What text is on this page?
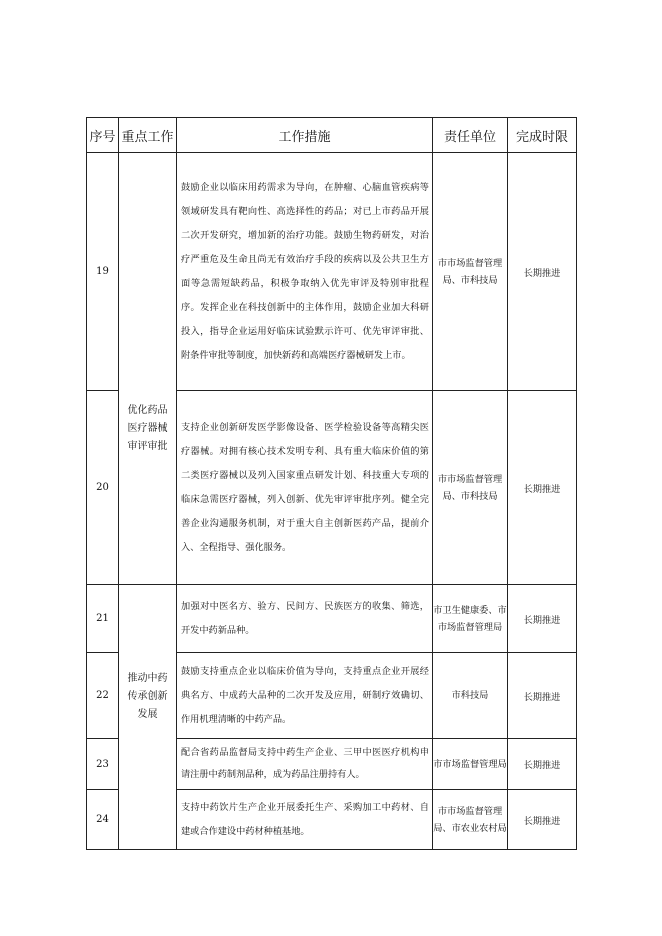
序号	重点工作	工作措施	责任单位	完成时限
19	优化药品医疗器械审评审批	鼓励企业以临床用药需求为导向，在肿瘤、心脑血管疾病等领域研发具有靶向性、高选择性的药品；对已上市药品开展二次开发研究，增加新的治疗功能。鼓励生物药研发，对治疗严重危及生命且尚无有效治疗手段的疾病以及公共卫生方面等急需短缺药品，积极争取纳入优先审评及特别审批程序。发挥企业在科技创新中的主体作用，鼓励企业加大科研投入，指导企业运用好临床试验默示许可、优先审评审批、附条件审批等制度，加快新药和高端医疗器械研发上市。	市市场监督管理局、市科技局	长期推进
20		支持企业创新研发医学影像设备、医学检验设备等高精尖医疗器械。对拥有核心技术发明专利、具有重大临床价值的第二类医疗器械以及列入国家重点研发计划、科技重大专项的临床急需医疗器械，列入创新、优先审评审批序列。健全完善企业沟通服务机制，对于重大自主创新医药产品，提前介入、全程指导、强化服务。	市市场监督管理局、市科技局	长期推进
21	推动中药传承创新发展	加强对中医名方、验方、民间方、民族医方的收集、筛选，开发中药新品种。	市卫生健康委、市市场监督管理局	长期推进
22		鼓励支持重点企业以临床价值为导向，支持重点企业开展经典名方、中成药大品种的二次开发及应用，研制疗效确切、作用机理清晰的中药产品。	市科技局	长期推进
23		配合省药品监督局支持中药生产企业、三甲中医医疗机构申请注册中药制剂品种，成为药品注册持有人。	市市场监督管理局	长期推进
24		支持中药饮片生产企业开展委托生产、采购加工中药材、自建或合作建设中药材种植基地。	市市场监督管理局、市农业农村局	长期推进
